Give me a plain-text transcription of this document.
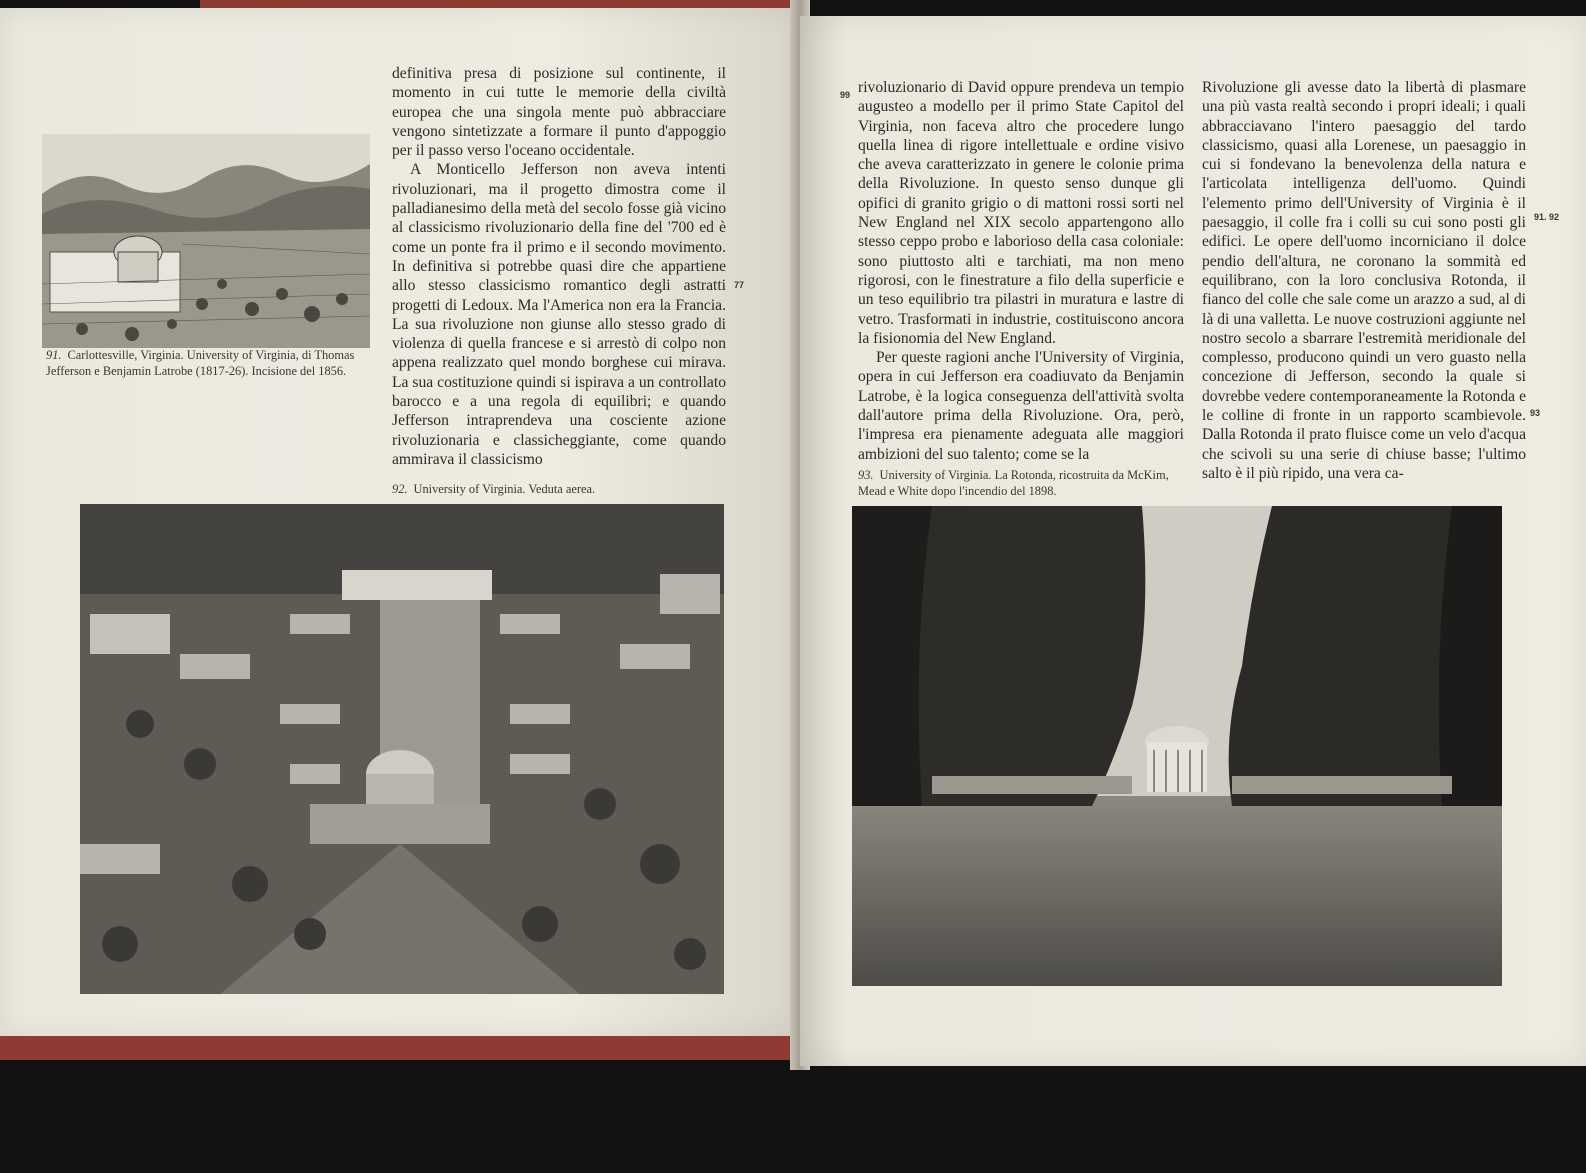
91. Carlottesville, Virginia. University of Virginia, di Thomas Jefferson e Benjamin Latrobe (1817-26). Incisione del 1856.

definitiva presa di posizione sul continente, il momento in cui tutte le memorie della civiltà europea che una singola mente può abbracciare vengono sintetizzate a formare il punto d'appoggio per il passo verso l'oceano occidentale.

A Monticello Jefferson non aveva intenti rivoluzionari, ma il progetto dimostra come il palladianesimo della metà del secolo fosse già vicino al classicismo rivoluzionario della fine del '700 ed è come un ponte fra il primo e il secondo movimento. In definitiva si potrebbe quasi dire che appartiene allo stesso classicismo romantico degli astratti progetti di Ledoux. Ma l'America non era la Francia. La sua rivoluzione non giunse allo stesso grado di violenza di quella francese e si arrestò di colpo non appena realizzato quel mondo borghese cui mirava. La sua costituzione quindi si ispirava a un controllato barocco e a una regola di equilibri; e quando Jefferson intraprendeva una cosciente azione rivoluzionaria e classicheggiante, come quando ammirava il classicismo

77
92. University of Virginia. Veduta aerea.
99 rivoluzionario di David oppure prendeva un tempio augusteo a modello per il primo State Capitol del Virginia, non faceva altro che procedere lungo quella linea di rigore intellettuale e ordine visivo che aveva caratterizzato in genere le colonie prima della Rivoluzione. In questo senso dunque gli opifici di granito grigio o di mattoni rossi sorti nel New England nel XIX secolo appartengono allo stesso ceppo probo e laborioso della casa coloniale: sono piuttosto alti e tarchiati, ma non meno rigorosi, con le finestrature a filo della superficie e un teso equilibrio tra pilastri in muratura e lastre di vetro. Trasformati in industrie, costituiscono ancora la fisionomia del New England.

Per queste ragioni anche l'University of Virginia, opera in cui Jefferson era coadiuvato da Benjamin Latrobe, è la logica conseguenza dell'attività svolta dall'autore prima della Rivoluzione. Ora, però, l'impresa era pienamente adeguata alle maggiori ambizioni del suo talento; come se la

Rivoluzione gli avesse dato la libertà di plasmare una più vasta realtà secondo i propri ideali; i quali abbracciavano l'intero paesaggio del tardo classicismo, quasi alla Lorenese, un paesaggio in cui si fondevano la benevolenza della natura e l'articolata intelligenza dell'uomo. Quindi l'elemento primo dell'University of Virginia è il paesaggio, il colle fra i colli su cui sono posti gli edifici. Le opere dell'uomo incorniciano il dolce pendio dell'altura, ne coronano la sommità ed equilibrano, con la loro conclusiva Rotonda, il fianco del colle che sale come un arazzo a sud, al di là di una valletta. Le nuove costruzioni aggiunte nel nostro secolo a sbarrare l'estremità meridionale del complesso, producono quindi un vero guasto nella concezione di Jefferson, secondo la quale si dovrebbe vedere contemporaneamente la Rotonda e le colline di fronte in un rapporto scambievole. Dalla Rotonda il prato fluisce come un velo d'acqua che scivoli su una serie di chiuse basse; l'ultimo salto è il più ripido, una vera ca-

91. 92
93
93. University of Virginia. La Rotonda, ricostruita da McKim, Mead e White dopo l'incendio del 1898.
